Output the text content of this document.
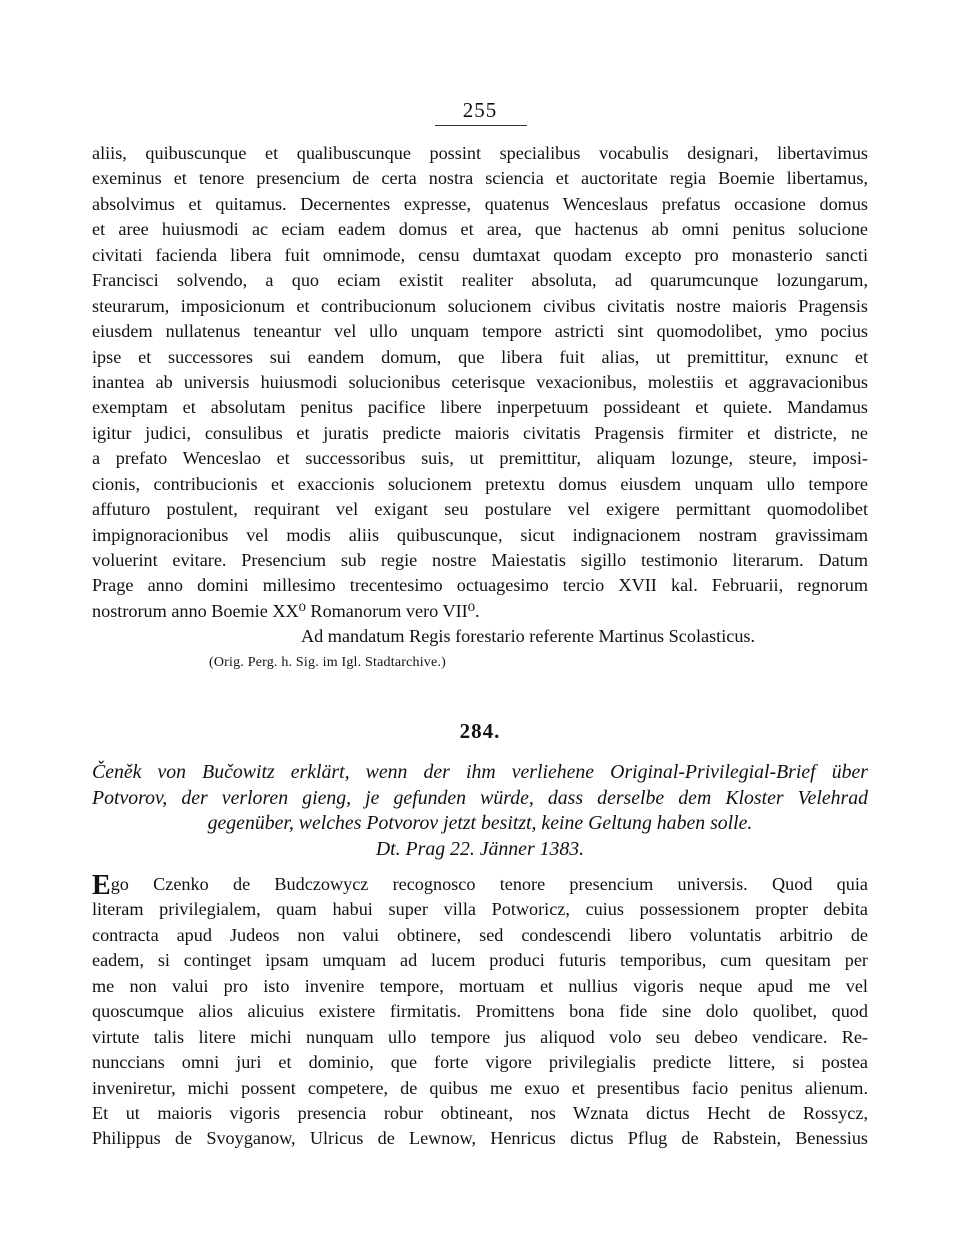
255
aliis, quibuscunque et qualibuscunque possint specialibus vocabulis designari, libertavimus
exeminus et tenore presencium de certa nostra sciencia et auctoritate regia Boemie libertamus,
absolvimus et quitamus. Decernentes expresse, quatenus Wenceslaus prefatus occasione domus
et aree huiusmodi ac eciam eadem domus et area, que hactenus ab omni penitus solucione
civitati facienda libera fuit omnimode, censu dumtaxat quodam excepto pro monasterio sancti
Francisci solvendo, a quo eciam existit realiter absoluta, ad quarumcunque lozungarum,
steurarum, imposicionum et contribucionum solucionem civibus civitatis nostre maioris Pragensis
eiusdem nullatenus teneantur vel ullo unquam tempore astricti sint quomodolibet, ymo pocius
ipse et successores sui eandem domum, que libera fuit alias, ut premittitur, exnunc et
inantea ab universis huiusmodi solucionibus ceterisque vexacionibus, molestiis et aggravacionibus
exemptam et absolutam penitus pacifice libere inperpetuum possideant et quiete. Mandamus
igitur judici, consulibus et juratis predicte maioris civitatis Pragensis firmiter et districte, ne
a prefato Wenceslao et successoribus suis, ut premittitur, aliquam lozunge, steure, imposi-
cionis, contribucionis et exaccionis solucionem pretextu domus eiusdem unquam ullo tempore
affuturo postulent, requirant vel exigant seu postulare vel exigere permittant quomodolibet
impignoracionibus vel modis aliis quibuscunque, sicut indignacionem nostram gravissimam
voluerint evitare. Presencium sub regie nostre Maiestatis sigillo testimonio literarum. Datum
Prage anno domini millesimo trecentesimo octuagesimo tercio XVII kal. Februarii, regnorum
nostrorum anno Boemie XX⁰ Romanorum vero VII⁰.
Ad mandatum Regis forestario referente Martinus Scolasticus.
(Orig. Perg. h. Sig. im Igl. Stadtarchive.)
284.
Čeněk von Bučowitz erklärt, wenn der ihm verliehene Original-Privilegial-Brief über
Potvorov, der verloren gieng, je gefunden würde, dass derselbe dem Kloster Velehrad
gegenüber, welches Potvorov jetzt besitzt, keine Geltung haben solle.
Dt. Prag 22. Jänner 1383.
Ego Czenko de Budczowycz recognosco tenore presencium universis. Quod quia
literam privilegialem, quam habui super villa Potworicz, cuius possessionem propter debita
contracta apud Judeos non valui obtinere, sed condescendi libero voluntatis arbitrio de
eadem, si continget ipsam umquam ad lucem produci futuris temporibus, cum quesitam per
me non valui pro isto invenire tempore, mortuam et nullius vigoris neque apud me vel
quoscumque alios alicuius existere firmitatis. Promittens bona fide sine dolo quolibet, quod
virtute talis litere michi nunquam ullo tempore jus aliquod volo seu debeo vendicare. Re-
nunccians omni juri et dominio, que forte vigore privilegialis predicte littere, si postea
inveniretur, michi possent competere, de quibus me exuo et presentibus facio penitus alienum.
Et ut maioris vigoris presencia robur obtineant, nos Wznata dictus Hecht de Rossycz,
Philippus de Svoyganow, Ulricus de Lewnow, Henricus dictus Pflug de Rabstein, Benessius
